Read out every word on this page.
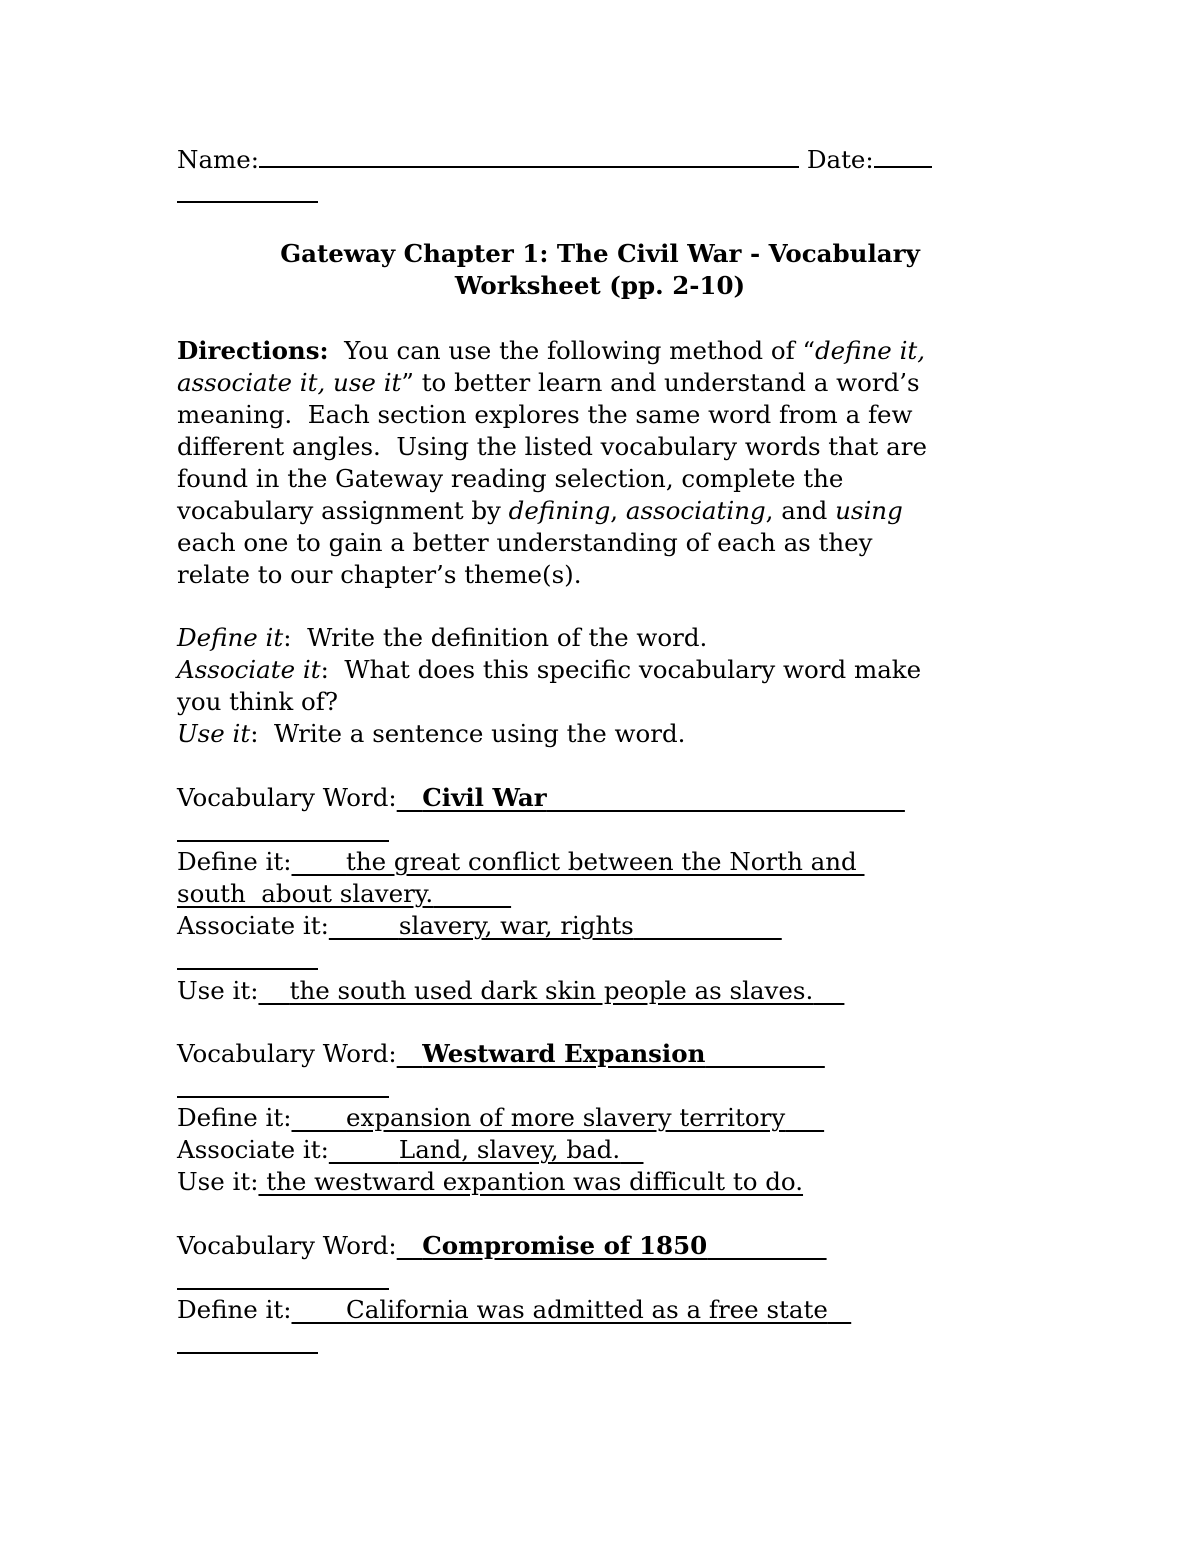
Name:	Date:

Gateway Chapter 1: The Civil War - Vocabulary

Worksheet (pp. 2-10)

Directions:  You can use the following method of “define it,

associate it, use it” to better learn and understand a word’s

meaning.  Each section explores the same word from a few

different angles.  Using the listed vocabulary words that are

found in the Gateway reading selection, complete the

vocabulary assignment by defining, associating, and using

each one to gain a better understanding of each as they

relate to our chapter’s theme(s).

Define it:  Write the definition of the word.

Associate it:  What does this specific vocabulary word make

you think of?

Use it:  Write a sentence using the word.

Vocabulary Word: Civil War

Define it: the great conflict between the North and

south  about slavery.

Associate it:	slavery, war, rights

Use it: the south used dark skin people as slaves.

Vocabulary Word: Westward Expansion

Define it: expansion of more slavery territory

Associate it:	Land, slavey, bad.

Use it: the westward expantion was difficult to do.

Vocabulary Word: Compromise of 1850

Define it: California was admitted as a free state
